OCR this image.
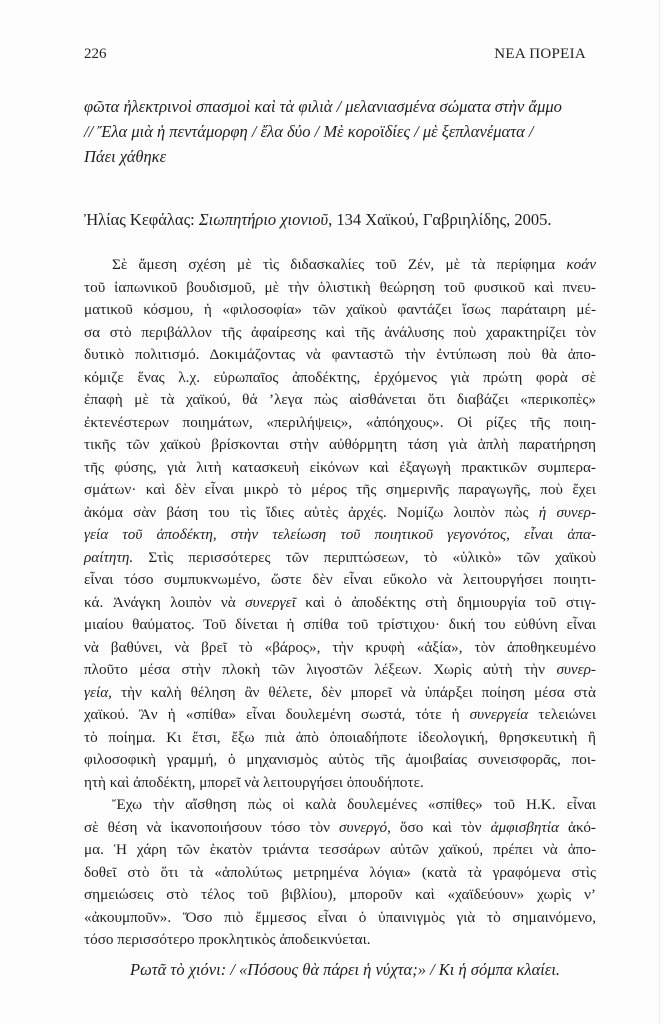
226	ΝΕΑ ΠΟΡΕΙΑ
φῶτα ἠλεκτρινοὶ σπασμοὶ καὶ τὰ φιλιὰ / μελανιασμένα σώματα στὴν ἄμμο
// Ἔλα μιὰ ἡ πεντάμορφη / ἔλα δύο / Μὲ κοροϊδίες / μὲ ξεπλανέματα /
Πάει χάθηκε
Ἠλίας Κεφάλας: Σιωπητήριο χιονιοῦ, 134 Χαϊκού, Γαβριηλίδης, 2005.
Σὲ ἄμεση σχέση μὲ τὶς διδασκαλίες τοῦ Ζέν, μὲ τὰ περίφημα κοάν
τοῦ ἰαπωνικοῦ βουδισμοῦ, μὲ τὴν ὁλιστικὴ θεώρηση τοῦ φυσικοῦ καὶ πνευ-
ματικοῦ κόσμου, ἡ «φιλοσοφία» τῶν χαϊκοὺ φαντάζει ἴσως παράταιρη μέ-
σα στὸ περιβάλλον τῆς ἀφαίρεσης καὶ τῆς ἀνάλυσης ποὺ χαρακτηρίζει τὸν
δυτικὸ πολιτισμό. Δοκιμάζοντας νὰ φανταστῶ τὴν ἐντύπωση ποὺ θὰ ἀπο-
κόμιζε ἕνας λ.χ. εὐρωπαῖος ἀποδέκτης, ἐρχόμενος γιὰ πρώτη φορὰ σὲ
ἐπαφὴ μὲ τὰ χαϊκού, θά ’λεγα πὼς αἰσθάνεται ὅτι διαβάζει «περικοπὲς»
ἐκτενέστερων ποιημάτων, «περιλήψεις», «ἀπόηχους». Οἱ ρίζες τῆς ποιη-
τικῆς τῶν χαϊκοὺ βρίσκονται στὴν αὐθόρμητη τάση γιὰ ἁπλὴ παρατήρηση
τῆς φύσης, γιὰ λιτὴ κατασκευὴ εἰκόνων καὶ ἐξαγωγὴ πρακτικῶν συμπερα-
σμάτων· καὶ δὲν εἶναι μικρὸ τὸ μέρος τῆς σημερινῆς παραγωγῆς, ποὺ ἔχει
ἀκόμα σὰν βάση του τὶς ἴδιες αὐτὲς ἀρχές. Νομίζω λοιπὸν πὼς ἡ συνερ-
γεία τοῦ ἀποδέκτη, στὴν τελείωση τοῦ ποιητικοῦ γεγονότος, εἶναι ἀπα-
ραίτητη. Στὶς περισσότερες τῶν περιπτώσεων, τὸ «ὑλικὸ» τῶν χαϊκοὺ
εἶναι τόσο συμπυκνωμένο, ὥστε δὲν εἶναι εὔκολο νὰ λειτουργήσει ποιητι-
κά. Ἀνάγκη λοιπὸν νὰ συνεργεῖ καὶ ὁ ἀποδέκτης στὴ δημιουργία τοῦ στιγ-
μιαίου θαύματος. Τοῦ δίνεται ἡ σπίθα τοῦ τρίστιχου· δική του εὐθύνη εἶναι
νὰ βαθύνει, νὰ βρεῖ τὸ «βάρος», τὴν κρυφὴ «ἀξία», τὸν ἀποθηκευμένο
πλοῦτο μέσα στὴν πλοκὴ τῶν λιγοστῶν λέξεων. Χωρὶς αὐτὴ τὴν συνερ-
γεία, τὴν καλὴ θέληση ἂν θέλετε, δὲν μπορεῖ νὰ ὑπάρξει ποίηση μέσα στὰ
χαϊκού. Ἂν ἡ «σπίθα» εἶναι δουλεμένη σωστά, τότε ἡ συνεργεία τελειώνει
τὸ ποίημα. Κι ἔτσι, ἔξω πιὰ ἀπὸ ὁποιαδήποτε ἰδεολογική, θρησκευτικὴ ἢ
φιλοσοφικὴ γραμμή, ὁ μηχανισμὸς αὐτὸς τῆς ἀμοιβαίας συνεισφορᾶς, ποι-
ητὴ καὶ ἀποδέκτη, μπορεῖ νὰ λειτουργήσει ὁπουδήποτε.
Ἔχω τὴν αἴσθηση πὼς οἱ καλὰ δουλεμένες «σπίθες» τοῦ Η.Κ. εἶναι
σὲ θέση νὰ ἱκανοποιήσουν τόσο τὸν συνεργό, ὅσο καὶ τὸν ἀμφισβητία ἀκό-
μα. Ἡ χάρη τῶν ἑκατὸν τριάντα τεσσάρων αὐτῶν χαϊκού, πρέπει νὰ ἀπο-
δοθεῖ στὸ ὅτι τὰ «ἀπολύτως μετρημένα λόγια» (κατὰ τὰ γραφόμενα στὶς
σημειώσεις στὸ τέλος τοῦ βιβλίου), μποροῦν καὶ «χαϊδεύουν» χωρὶς ν’
«ἀκουμποῦν». Ὅσο πιὸ ἔμμεσος εἶναι ὁ ὑπαινιγμὸς γιὰ τὸ σημαινόμενο,
τόσο περισσότερο προκλητικὸς ἀποδεικνύεται.
Ρωτᾶ τὸ χιόνι: / «Πόσους θὰ πάρει ἡ νύχτα;» / Κι ἡ σόμπα κλαίει.
